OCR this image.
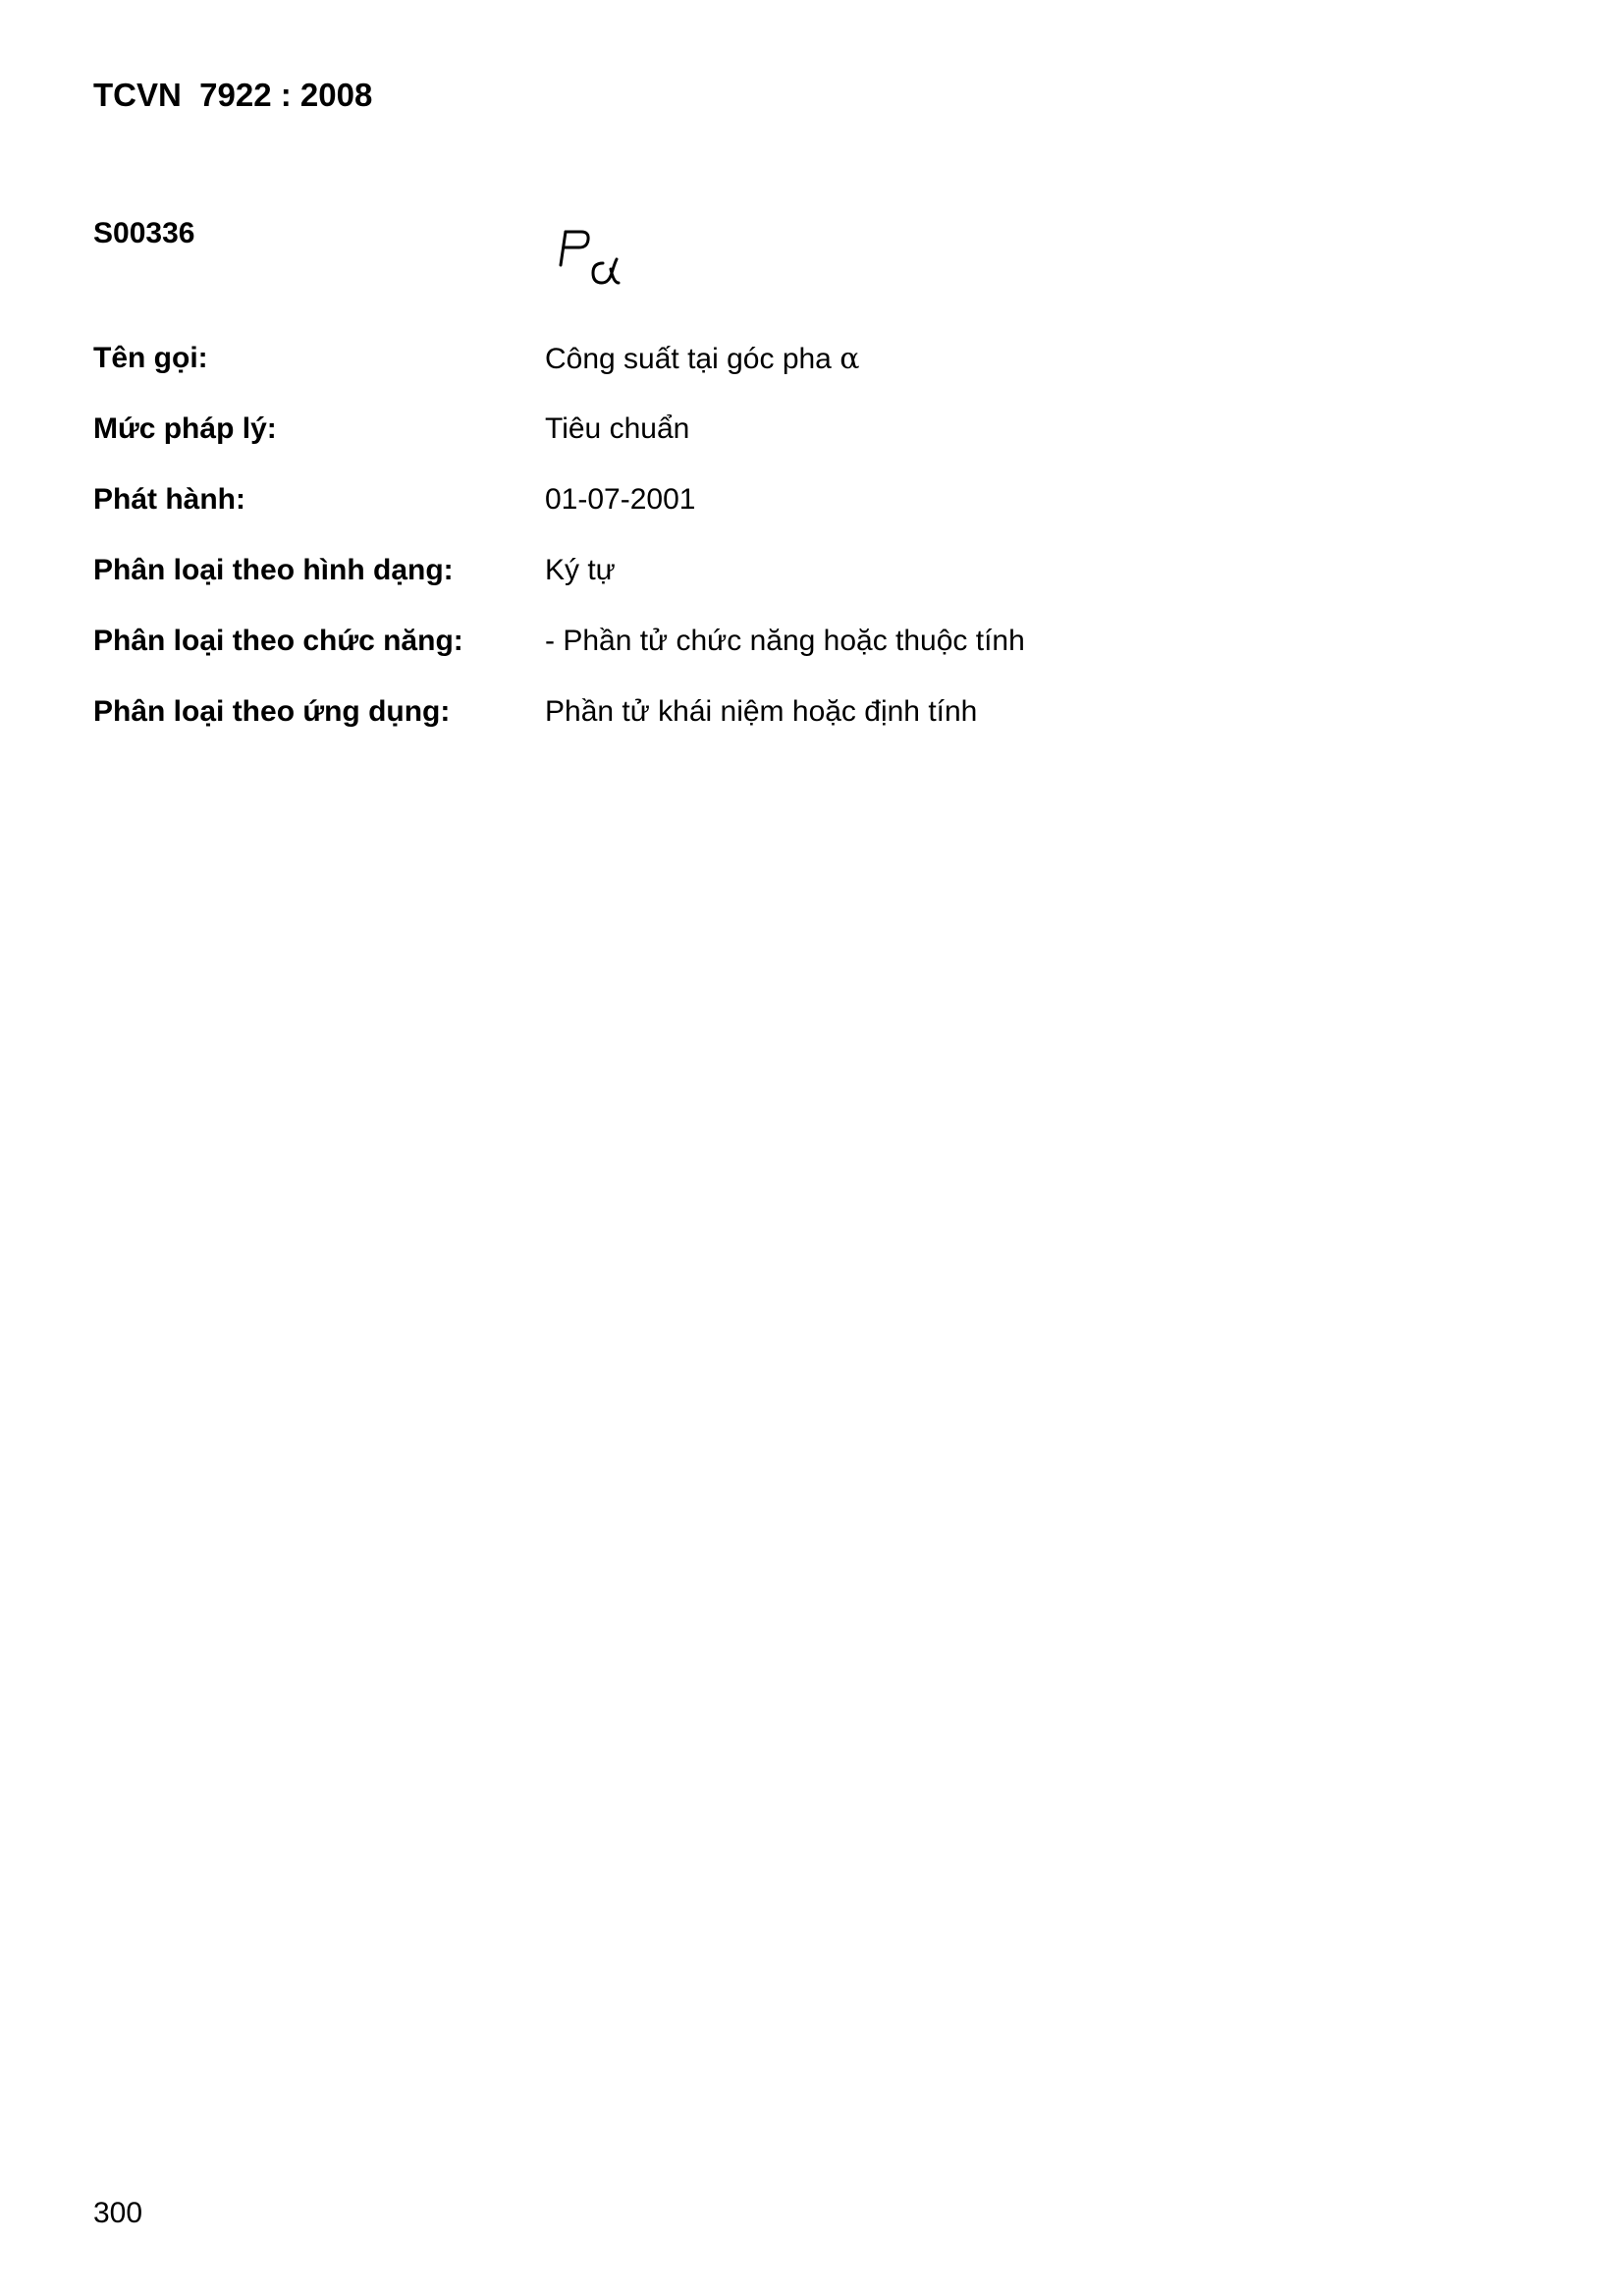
TCVN  7922 : 2008
S00336
Tên gọi:	Công suất tại góc pha α
Mức pháp lý:	Tiêu chuẩn
Phát hành:	01-07-2001
Phân loại theo hình dạng:	Ký tự
Phân loại theo chức năng:	- Phần tử chức năng hoặc thuộc tính
Phân loại theo ứng dụng:	Phần tử khái niệm hoặc định tính
300
